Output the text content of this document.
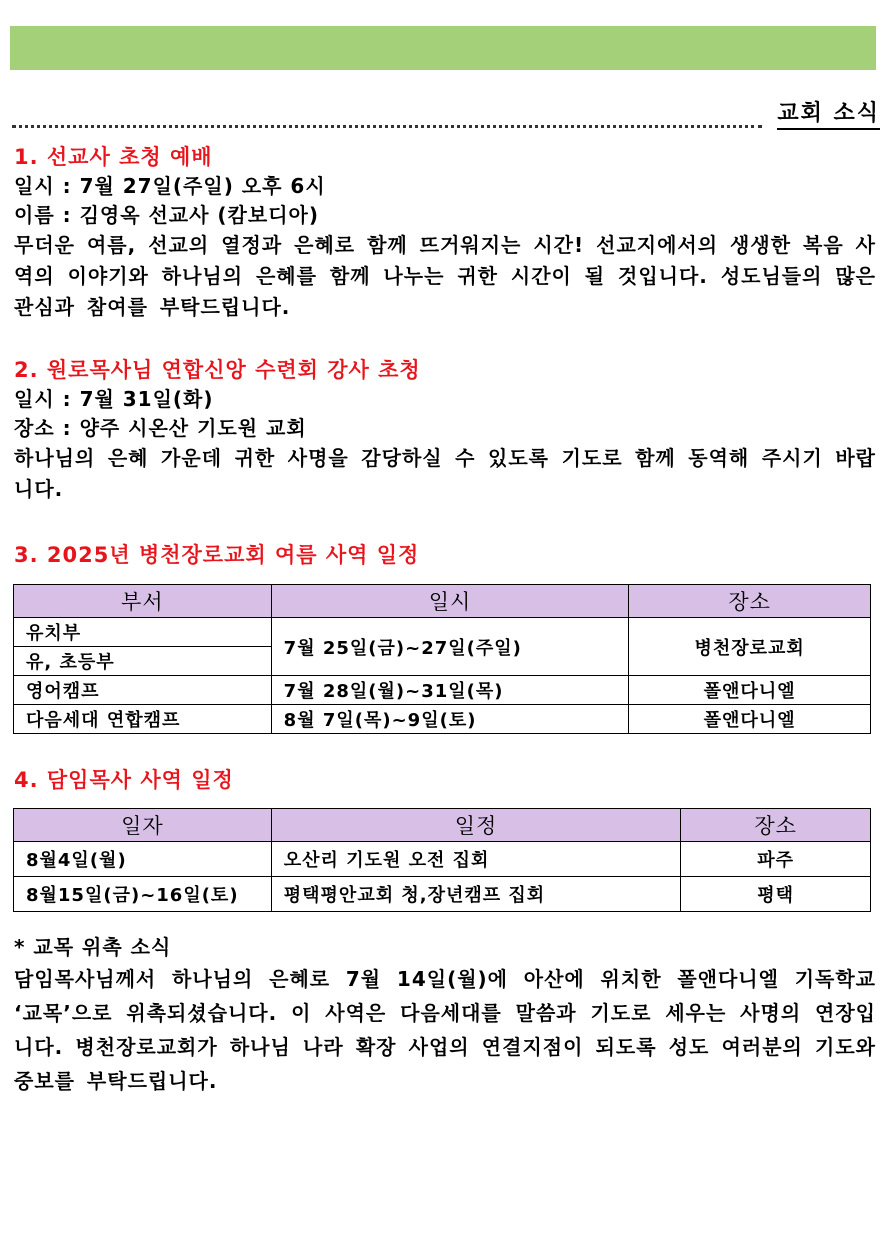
교회 소식
1. 선교사 초청 예배
일시 : 7월 27일(주일) 오후 6시
이름 : 김영옥 선교사 (캄보디아)
무더운 여름, 선교의 열정과 은혜로 함께 뜨거워지는 시간! 선교지에서의 생생한 복음 사역의 이야기와 하나님의 은혜를 함께 나누는 귀한 시간이 될 것입니다. 성도님들의 많은 관심과 참여를 부탁드립니다.
2. 원로목사님 연합신앙 수련회 강사 초청
일시 : 7월 31일(화)
장소 : 양주 시온산 기도원 교회
하나님의 은혜 가운데 귀한 사명을 감당하실 수 있도록 기도로 함께 동역해 주시기 바랍니다.
3. 2025년 병천장로교회 여름 사역 일정
부서	일시	장소
유치부	7월 25일(금)~27일(주일)	병천장로교회
유, 초등부		
영어캠프	7월 28일(월)~31일(목)	폴앤다니엘
다음세대 연합캠프	8월 7일(목)~9일(토)	폴앤다니엘
4. 담임목사 사역 일정
일자	일정	장소
8월4일(월)	오산리 기도원 오전 집회	파주
8월15일(금)~16일(토)	평택평안교회 청,장년캠프 집회	평택
* 교목 위촉 소식
담임목사님께서 하나님의 은혜로 7월 14일(월)에 아산에 위치한 폴앤다니엘 기독학교 ‘교목’으로 위촉되셨습니다. 이 사역은 다음세대를 말씀과 기도로 세우는 사명의 연장입니다. 병천장로교회가 하나님 나라 확장 사업의 연결지점이 되도록 성도 여러분의 기도와 중보를 부탁드립니다.
